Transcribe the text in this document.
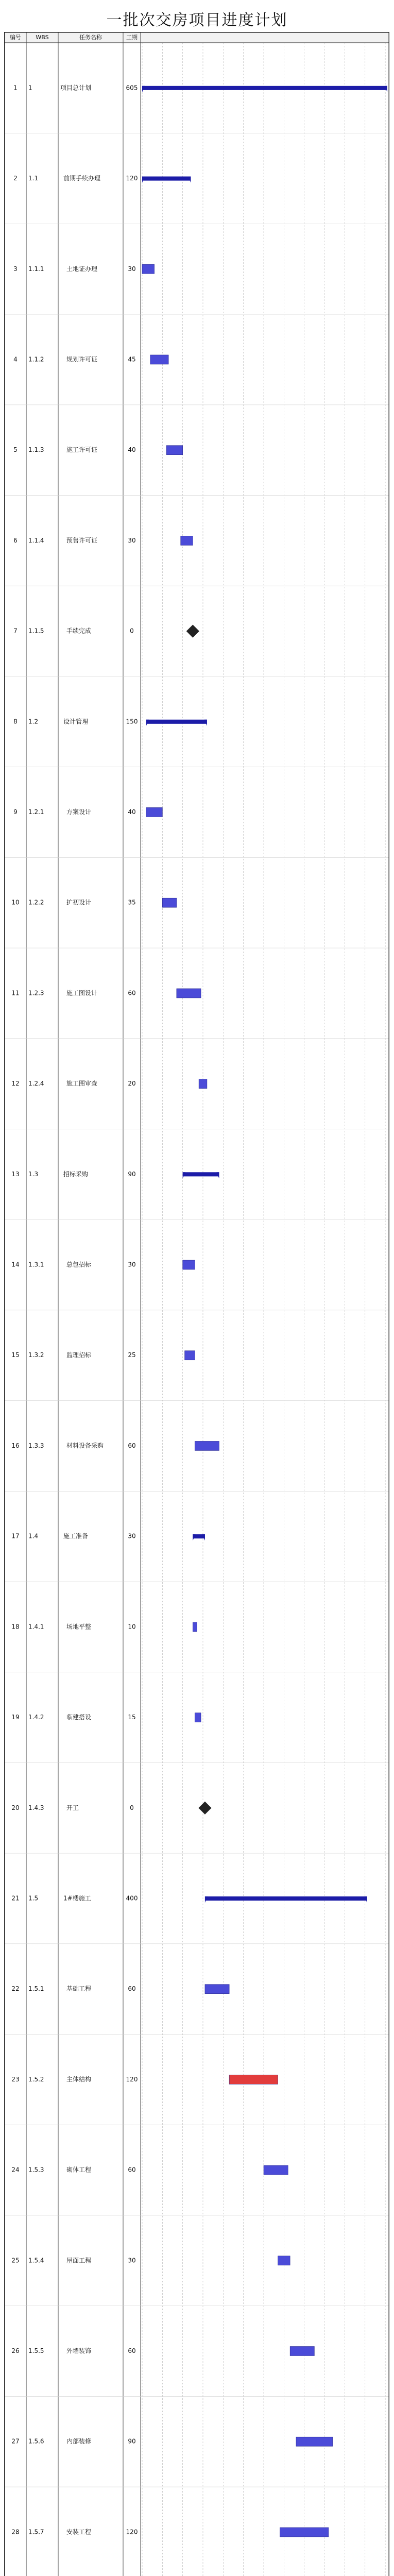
一批次交房项目进度计划
编号	WBS	任务名称	工期
1 1	项目总计划	605
2 1.1	前期手续办理	120
3 1.1.1	土地证办理	30
4 1.1.2	规划许可证	45
5 1.1.3	施工许可证	40
6 1.1.4	预售许可证	30
7 1.1.5	手续完成	0
8 1.2	设计管理	150
9 1.2.1	方案设计	40
10 1.2.2	扩初设计	35
11 1.2.3	施工图设计	60
12 1.2.4	施工图审查	20
13 1.3	招标采购	90
14 1.3.1	总包招标	30
15 1.3.2	监理招标	25
16 1.3.3	材料设备采购	60
17 1.4	施工准备	30
18 1.4.1	场地平整	10
19 1.4.2	临建搭设	15
20 1.4.3	开工	0
21 1.5	1#楼施工	400
22 1.5.1	基础工程	60
23 1.5.2	主体结构	120
24 1.5.3	砌体工程	60
25 1.5.4	屋面工程	30
26 1.5.5	外墙装饰	60
27 1.5.6	内部装修	90
28 1.5.7	安装工程	120
